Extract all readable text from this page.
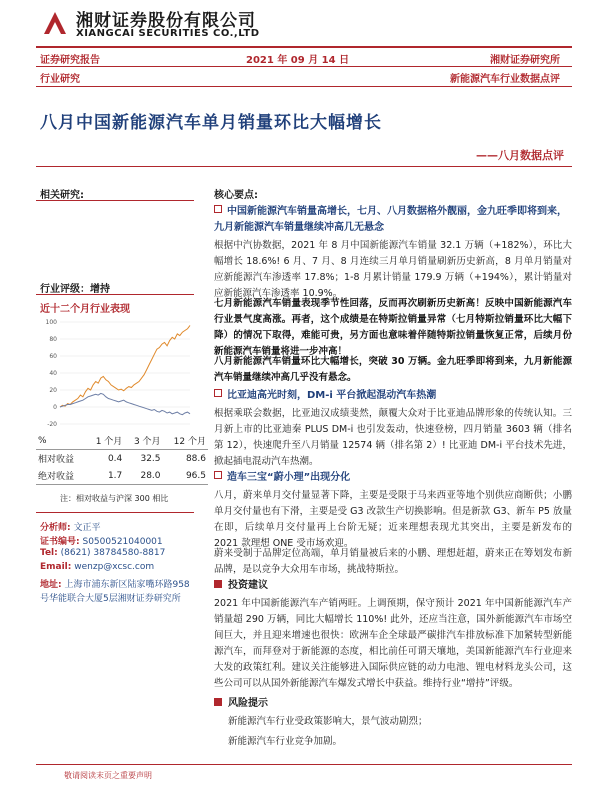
湘财证券股份有限公司
XIANGCAI SECURITIES CO.,LTD
证券研究报告	2021 年 09 月 14 日	湘财证券研究所
行业研究	新能源汽车行业数据点评
八月中国新能源汽车单月销量环比大幅增长
——八月数据点评
相关研究:
行业评级：增持
近十二个月行业表现
-20
0
20
40
60
80
100
%	1 个月	3 个月	12 个月
相对收益	0.4	32.5	88.6
绝对收益	1.7	28.0	96.5
注：相对收益与沪深 300 相比
分析师: 文正平
证书编号: S0500521040001
Tel: (8621) 38784580-8817
Email: wenzp@xcsc.com
地址: 上海市浦东新区陆家嘴环路958号华能联合大厦5层湘财证券研究所
核心要点:
中国新能源汽车销量高增长，七月、八月数据格外靓丽，金九旺季即将到来，九月新能源汽车销量继续冲高几无悬念
根据中汽协数据，2021 年 8 月中国新能源汽车销量 32.1 万辆（+182%），环比大幅增长 18.6%! 6 月、7 月、8 月连续三月单月销量刷新历史新高，8 月单月销量对应新能源汽车渗透率 17.8%；1-8 月累计销量 179.9 万辆（+194%），累计销量对应新能源汽车渗透率 10.9%。
七月新能源汽车销量表现季节性回落，反而再次刷新历史新高！反映中国新能源汽车行业景气度高涨。再者，这个成绩是在特斯拉销量异常（七月特斯拉销量环比大幅下降）的情况下取得，难能可贵，另方面也意味着伴随特斯拉销量恢复正常，后续月份新能源汽车销量将进一步冲高！
八月新能源汽车销量环比大幅增长，突破 30 万辆。金九旺季即将到来，九月新能源汽车销量继续冲高几乎没有悬念。
比亚迪高光时刻，DM-i 平台掀起混动汽车热潮
根据乘联会数据，比亚迪汉成绩斐然，颠覆大众对于比亚迪品牌形象的传统认知。三月新上市的比亚迪秦 PLUS DM-i 也引发轰动，快速登榜，四月销量 3603 辆（排名第 12），快速爬升至八月销量 12574 辆（排名第 2）! 比亚迪 DM-i 平台技术先进，掀起插电混动汽车热潮。
造车三宝“蔚小理”出现分化
八月，蔚来单月交付量显著下降，主要是受限于马来西亚等地个别供应商断供；小鹏单月交付量也有下滑，主要是受 G3 改款生产切换影响。但是新款 G3、新车 P5 放量在即，后续单月交付量再上台阶无疑；近来理想表现尤其突出，主要是新发布的 2021 款理想 ONE 受市场欢迎。
蔚来受制于品牌定位高端，单月销量被后来的小鹏、理想赶超，蔚来正在筹划发布新品牌，是以竞争大众用车市场，挑战特斯拉。
投资建议
2021 年中国新能源汽车产销两旺。上调预期，保守预计 2021 年中国新能源汽车产销量超 290 万辆，同比大幅增长 110%! 此外，还应当注意，国外新能源汽车市场空间巨大，并且迎来增速也很快：欧洲车企全球最严碳排汽车排放标准下加紧转型新能源汽车，而拜登对于新能源的态度，相比前任可谓天壤地，美国新能源汽车行业迎来大发的政策红利。建议关注能够进入国际供应链的动力电池、锂电材料龙头公司，这些公司可以从国外新能源汽车爆发式增长中获益。维持行业“增持”评级。
风险提示
新能源汽车行业受政策影响大，景气波动剧烈；
新能源汽车行业竞争加剧。
敬请阅读末页之重要声明
